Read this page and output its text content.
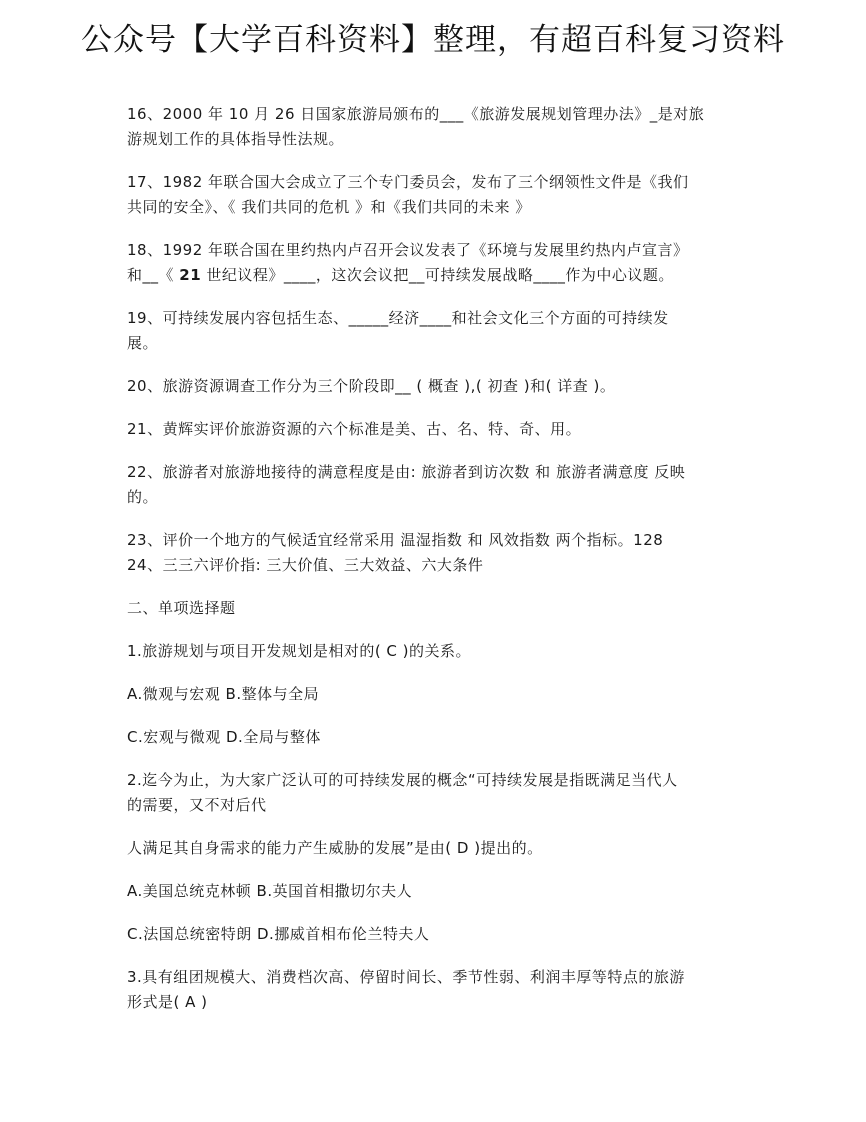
公众号【大学百科资料】整理，有超百科复习资料
16、2000 年 10 月 26 日国家旅游局颁布的___《旅游发展规划管理办法》_是对旅
游规划工作的具体指导性法规。
17、1982 年联合国大会成立了三个专门委员会，发布了三个纲领性文件是《我们
共同的安全》、《 我们共同的危机 》和《我们共同的未来 》
18、1992 年联合国在里约热内卢召开会议发表了《环境与发展里约热内卢宣言》
和__《 21 世纪议程》____，这次会议把__可持续发展战略____作为中心议题。
19、可持续发展内容包括生态、_____经济____和社会文化三个方面的可持续发
展。
20、旅游资源调查工作分为三个阶段即__ ( 概查 ),( 初查 )和( 详查 )。
21、黄辉实评价旅游资源的六个标准是美、古、名、特、奇、用。
22、旅游者对旅游地接待的满意程度是由: 旅游者到访次数 和 旅游者满意度 反映
的。
23、评价一个地方的气候适宜经常采用 温湿指数 和 风效指数 两个指标。128
24、三三六评价指: 三大价值、三大效益、六大条件
二、单项选择题
1.旅游规划与项目开发规划是相对的( C )的关系。
A.微观与宏观 B.整体与全局
C.宏观与微观 D.全局与整体
2.迄今为止，为大家广泛认可的可持续发展的概念“可持续发展是指既满足当代人
的需要，又不对后代
人满足其自身需求的能力产生威胁的发展”是由( D )提出的。
A.美国总统克林顿 B.英国首相撒切尔夫人
C.法国总统密特朗 D.挪威首相布伦兰特夫人
3.具有组团规模大、消费档次高、停留时间长、季节性弱、利润丰厚等特点的旅游
形式是( A )
